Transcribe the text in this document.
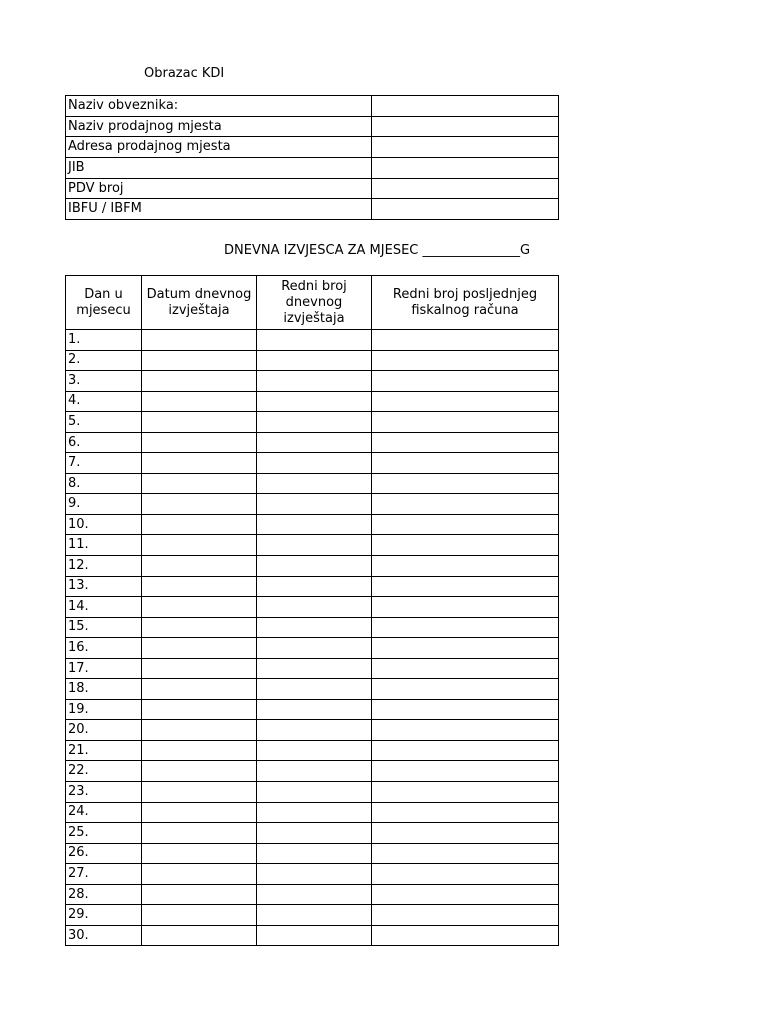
Obrazac KDI
Naziv obveznika:	
Naziv prodajnog mjesta	
Adresa prodajnog mjesta	
JIB	
PDV broj	
IBFU / IBFM	
DNEVNA IZVJEŠĆA ZA MJESEC _______________G
Dan u mjesecu	Datum dnevnog izvještaja	Redni broj dnevnog izvještaja	Redni broj posljednjeg fiskalnog računa

1.			
2.			
3.			
4.			
5.			
6.			
7.			
8.			
9.			
10.			
11.			
12.			
13.			
14.			
15.			
16.			
17.			
18.			
19.			
20.			
21.			
22.			
23.			
24.			
25.			
26.			
27.			
28.			
29.			
30.			
